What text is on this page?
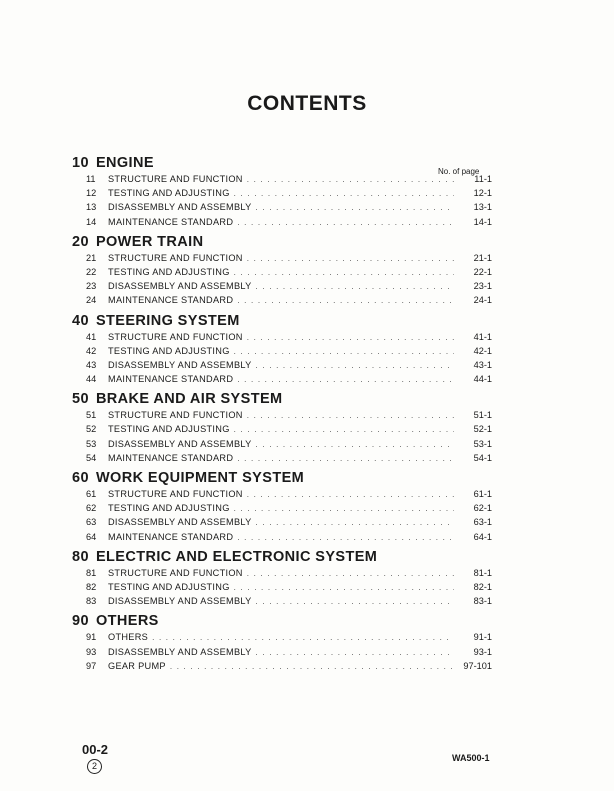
CONTENTS
No. of page
10 ENGINE
11	STRUCTURE AND FUNCTION . . .	11-1
12	TESTING AND ADJUSTING . . .	12-1
13	DISASSEMBLY AND ASSEMBLY . . .	13-1
14	MAINTENANCE STANDARD . . .	14-1
20 POWER TRAIN
21	STRUCTURE AND FUNCTION . . .	21-1
22	TESTING AND ADJUSTING . . .	22-1
23	DISASSEMBLY AND ASSEMBLY . . .	23-1
24	MAINTENANCE STANDARD . . .	24-1
40 STEERING SYSTEM
41	STRUCTURE AND FUNCTION . . .	41-1
42	TESTING AND ADJUSTING . . .	42-1
43	DISASSEMBLY AND ASSEMBLY . . .	43-1
44	MAINTENANCE STANDARD . . .	44-1
50 BRAKE AND AIR SYSTEM
51	STRUCTURE AND FUNCTION . . .	51-1
52	TESTING AND ADJUSTING . . .	52-1
53	DISASSEMBLY AND ASSEMBLY . . .	53-1
54	MAINTENANCE STANDARD . . .	54-1
60 WORK EQUIPMENT SYSTEM
61	STRUCTURE AND FUNCTION . . .	61-1
62	TESTING AND ADJUSTING . . .	62-1
63	DISASSEMBLY AND ASSEMBLY . . .	63-1
64	MAINTENANCE STANDARD . . .	64-1
80 ELECTRIC AND ELECTRONIC SYSTEM
81	STRUCTURE AND FUNCTION . . .	81-1
82	TESTING AND ADJUSTING . . .	82-1
83	DISASSEMBLY AND ASSEMBLY . . .	83-1
90 OTHERS
91	OTHERS . . .	91-1
93	DISASSEMBLY AND ASSEMBLY . . .	93-1
97	GEAR PUMP . . .	97-101
00-2
2
WA500-1
